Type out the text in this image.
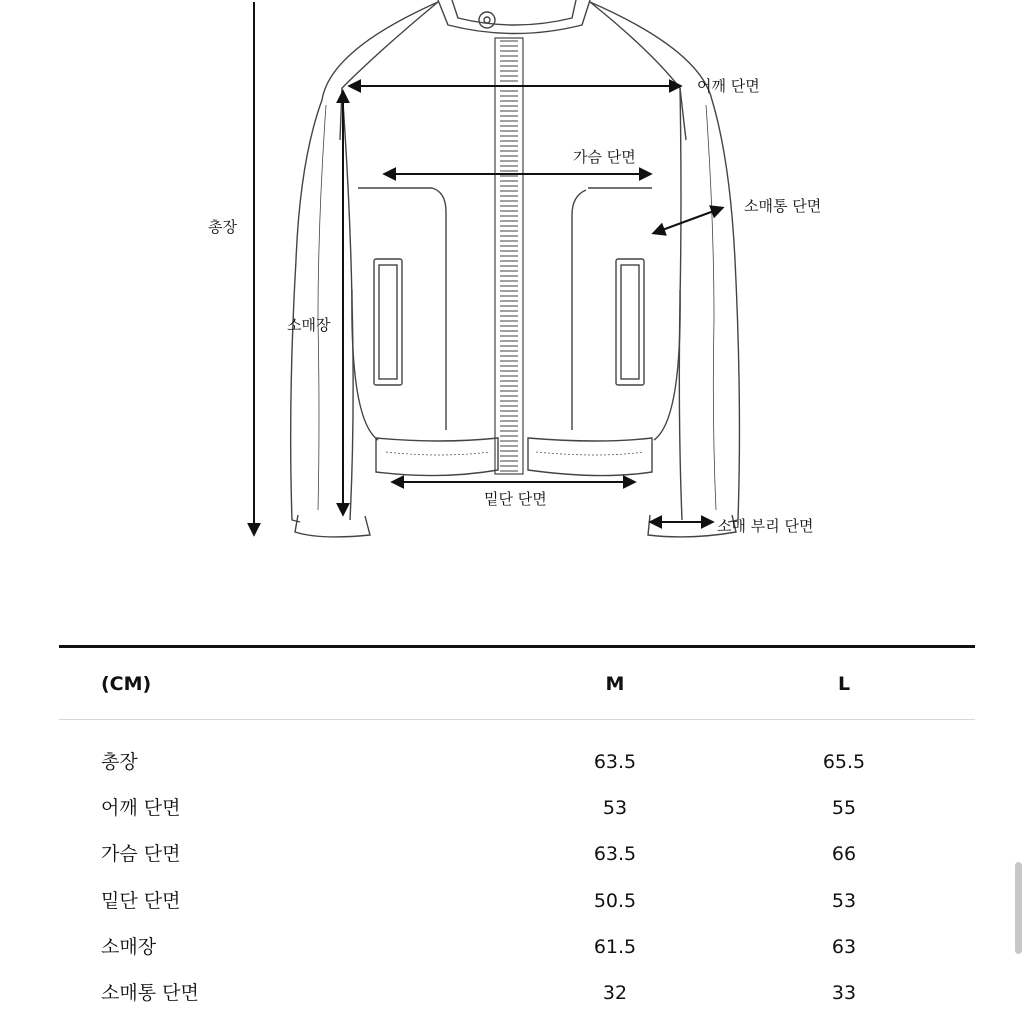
총장
어깨 단면
가슴 단면
소매통 단면
소매장
밑단 단면
소매 부리 단면
(CM)	M	L
총장	63.5	65.5
어깨 단면	53	55
가슴 단면	63.5	66
밑단 단면	50.5	53
소매장	61.5	63
소매통 단면	32	33
